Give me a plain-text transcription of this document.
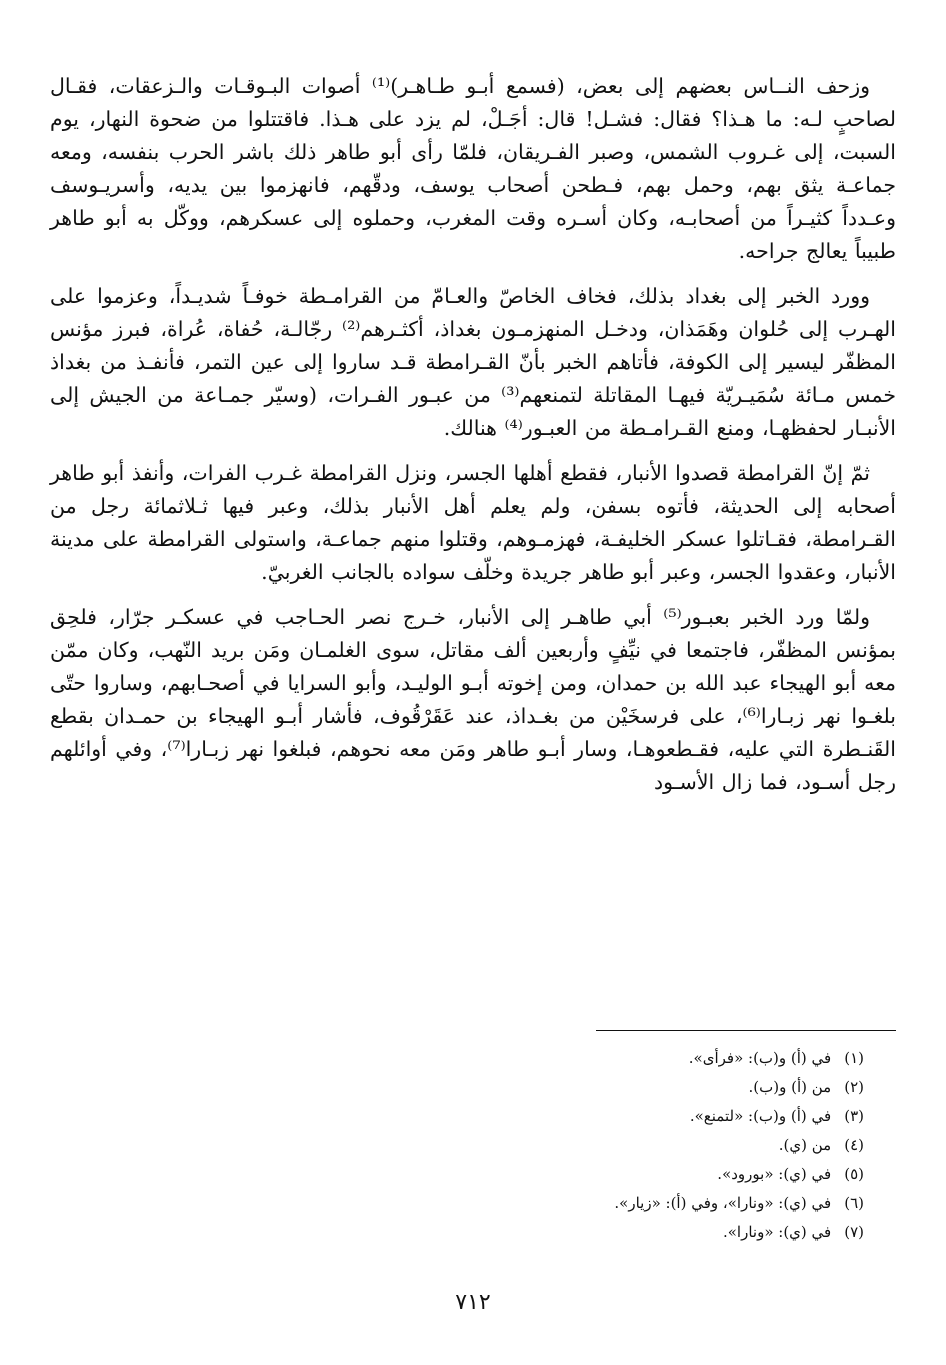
وزحف النــاس بعضهم إلى بعض، (فسمع أبـو طـاهـر)⁽¹⁾ أصوات البـوقـات والـزعقات، فقـال لصاحبٍ لـه: ما هـذا؟ فقال: فشـل! قال: أجَـلْ، لم يزد على هـذا. فاقتتلوا من ضحوة النهار، يوم السبت، إلى غـروب الشمس، وصبر الفـريقان، فلمّا رأى أبو طاهر ذلك باشر الحرب بنفسه، ومعه جماعـة يثق بهم، وحمل بهم، فـطحن أصحاب يوسف، ودقّهم، فانهزموا بين يديه، وأسريـوسف وعـدداً كثيـراً من أصحابـه، وكان أسـره وقت المغرب، وحملوه إلى عسكرهم، ووكّل به أبو طاهر طبيباً يعالج جراحه.

وورد الخبر إلى بغداد بذلك، فخاف الخاصّ والعـامّ من القرامـطة خوفـاً شديـداً، وعزموا على الهـرب إلى حُلوان وهَمَذان، ودخـل المنهزمـون بغداذ، أكثـرهم⁽²⁾ رجّالـة، حُفاة، عُراة، فبرز مؤنس المظفّر ليسير إلى الكوفة، فأتاهم الخبر بأنّ القـرامطة قـد ساروا إلى عين التمر، فأنفـذ من بغداذ خمس مـائة سُمَيـريّة فيهـا المقاتلة لتمنعهم⁽³⁾ من عبـور الفـرات، (وسيّر جمـاعة من الجيش إلى الأنبـار لحفظهـا، ومنع القـرامـطة من العبـور⁽⁴⁾ هنالك.

ثمّ إنّ القرامطة قصدوا الأنبار، فقطع أهلها الجسر، ونزل القرامطة غـرب الفرات، وأنفذ أبو طاهر أصحابه إلى الحديثة، فأتوه بسفن، ولم يعلم أهل الأنبار بذلك، وعبر فيها ثـلاثمائة رجل من القـرامطة، فقـاتلوا عسكر الخليفـة، فهزمـوهم، وقتلوا منهم جماعـة، واستولى القرامطة على مدينة الأنبار، وعقدوا الجسر، وعبر أبو طاهر جريدة وخلّف سواده بالجانب الغربيّ.

ولمّا ورد الخبر بعبـور⁽⁵⁾ أبي طاهـر إلى الأنبار، خـرج نصر الحـاجب في عسكـر جرّار، فلحِق بمؤنس المظفّر، فاجتمعا في نيِّفٍ وأربعين ألف مقاتل، سوى الغلمـان ومَن بريد النّهب، وكان ممّن معه أبو الهيجاء عبد الله بن حمدان، ومن إخوته أبـو الوليـد، وأبو السرايا في أصحـابهم، وساروا حتّى بلغـوا نهر زبـارا⁽⁶⁾، على فرسخَيْن من بغـداذ، عند عَقَرْقُوف، فأشار أبـو الهيجاء بن حمـدان بقطع القَنـطرة التي عليه، فقـطعوهـا، وسار أبـو طاهر ومَن معه نحوهم، فبلغوا نهر زبـارا⁽⁷⁾، وفي أوائلهم رجل أسـود، فما زال الأسـود

(١) في (أ) و(ب): «فرأى».
(٢) من (أ) و(ب).
(٣) في (أ) و(ب): «لتمنع».
(٤) من (ي).
(٥) في (ي): «بورود».
(٦) في (ي): «ونارا»، وفي (أ): «زيار».
(٧) في (ي): «ونارا».
٧١٢
